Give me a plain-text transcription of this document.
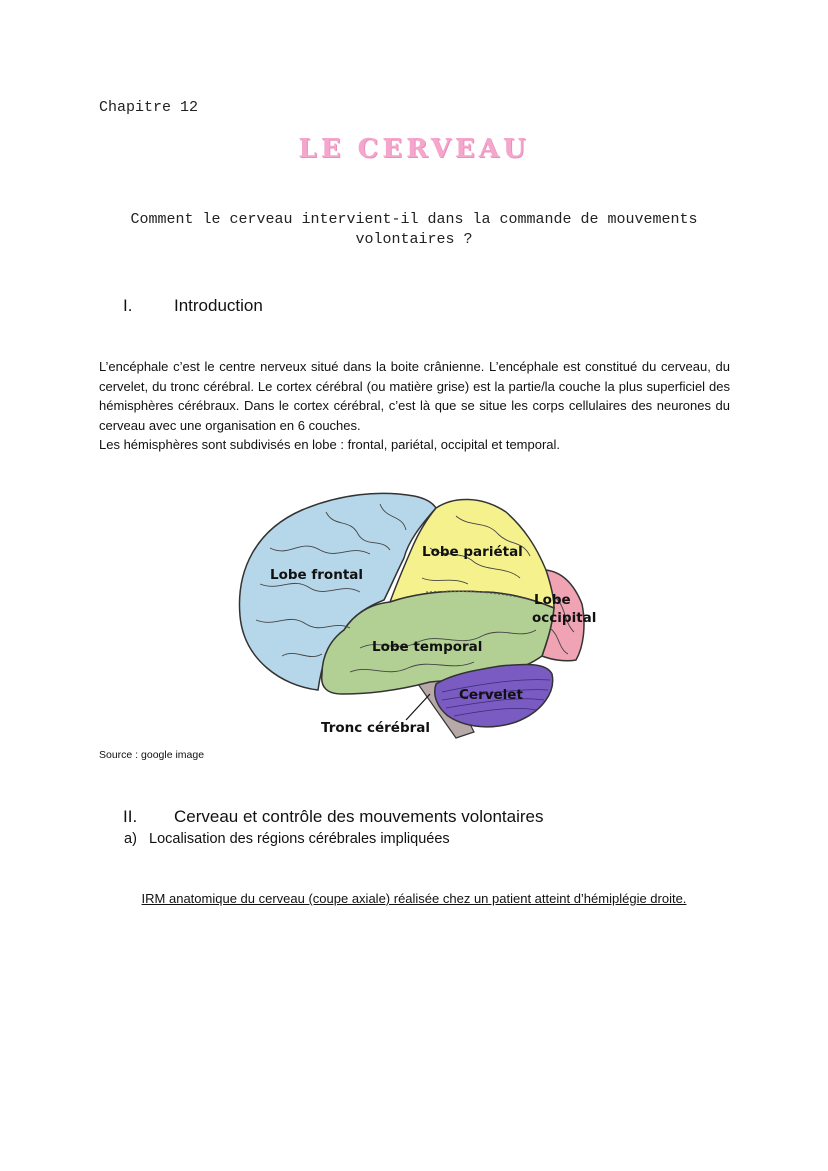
Chapitre 12
LE CERVEAU
Comment le cerveau intervient-il dans la commande de mouvements volontaires ?
I. Introduction

L’encéphale c’est le centre nerveux situé dans la boite crânienne. L’encéphale est constitué du cerveau, du cervelet, du tronc cérébral. Le cortex cérébral (ou matière grise) est la partie/la couche la plus superficiel des hémisphères cérébraux. Dans le cortex cérébral, c’est là que se situe les corps cellulaires des neurones du cerveau avec une organisation en 6 couches.

Les hémisphères sont subdivisés en lobe : frontal, pariétal, occipital et temporal.

Lobe frontal
Lobe pariétal
Lobe
occipital
Lobe temporal
Cervelet
Tronc cérébral
Source : google image
II. Cerveau et contrôle des mouvements volontaires
a) Localisation des régions cérébrales impliquées
IRM anatomique du cerveau (coupe axiale) réalisée chez un patient atteint d’hémiplégie droite.
